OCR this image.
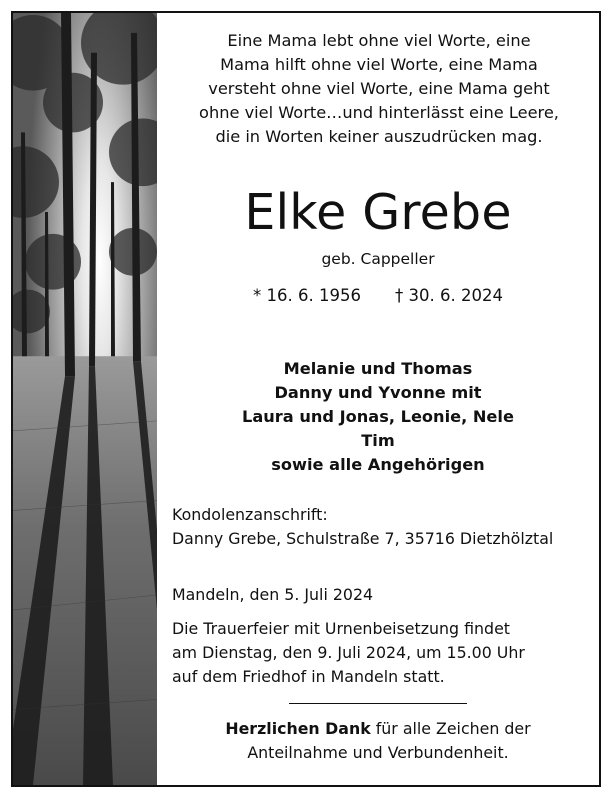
Eine Mama lebt ohne viel Worte, eine
Mama hilft ohne viel Worte, eine Mama
versteht ohne viel Worte, eine Mama geht
ohne viel Worte…und hinterlässt eine Leere,
die in Worten keiner auszudrücken mag.
Elke Grebe
geb. Cappeller
* 16. 6. 1956 † 30. 6. 2024
Melanie und Thomas
Danny und Yvonne mit
Laura und Jonas, Leonie, Nele
Tim
sowie alle Angehörigen
Kondolenzanschrift:
Danny Grebe, Schulstraße 7, 35716 Dietzhölztal
Mandeln, den 5. Juli 2024
Die Trauerfeier mit Urnenbeisetzung findet
am Dienstag, den 9. Juli 2024, um 15.00 Uhr
auf dem Friedhof in Mandeln statt.
Herzlichen Dank für alle Zeichen der
Anteilnahme und Verbundenheit.
